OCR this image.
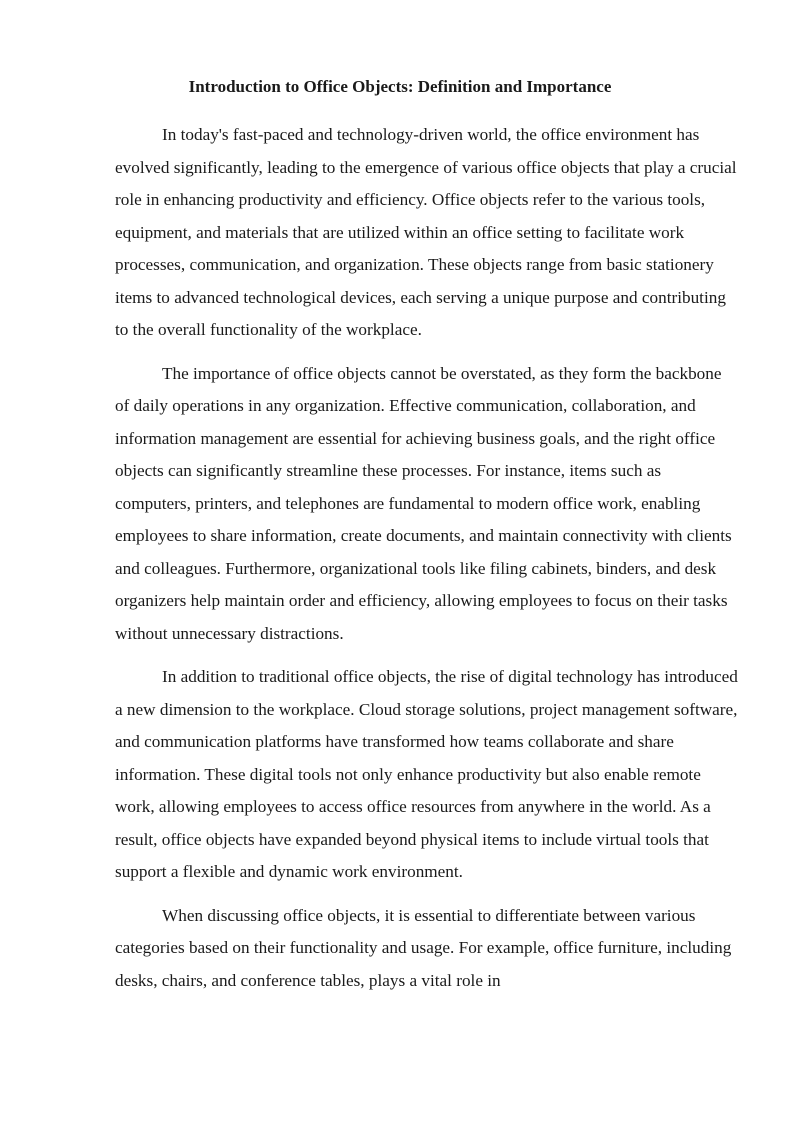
Introduction to Office Objects: Definition and Importance

In today's fast-paced and technology-driven world, the office environment has evolved significantly, leading to the emergence of various office objects that play a crucial role in enhancing productivity and efficiency. Office objects refer to the various tools, equipment, and materials that are utilized within an office setting to facilitate work processes, communication, and organization. These objects range from basic stationery items to advanced technological devices, each serving a unique purpose and contributing to the overall functionality of the workplace.

The importance of office objects cannot be overstated, as they form the backbone of daily operations in any organization. Effective communication, collaboration, and information management are essential for achieving business goals, and the right office objects can significantly streamline these processes. For instance, items such as computers, printers, and telephones are fundamental to modern office work, enabling employees to share information, create documents, and maintain connectivity with clients and colleagues. Furthermore, organizational tools like filing cabinets, binders, and desk organizers help maintain order and efficiency, allowing employees to focus on their tasks without unnecessary distractions.

In addition to traditional office objects, the rise of digital technology has introduced a new dimension to the workplace. Cloud storage solutions, project management software, and communication platforms have transformed how teams collaborate and share information. These digital tools not only enhance productivity but also enable remote work, allowing employees to access office resources from anywhere in the world. As a result, office objects have expanded beyond physical items to include virtual tools that support a flexible and dynamic work environment.

When discussing office objects, it is essential to differentiate between various categories based on their functionality and usage. For example, office furniture, including desks, chairs, and conference tables, plays a vital role in
